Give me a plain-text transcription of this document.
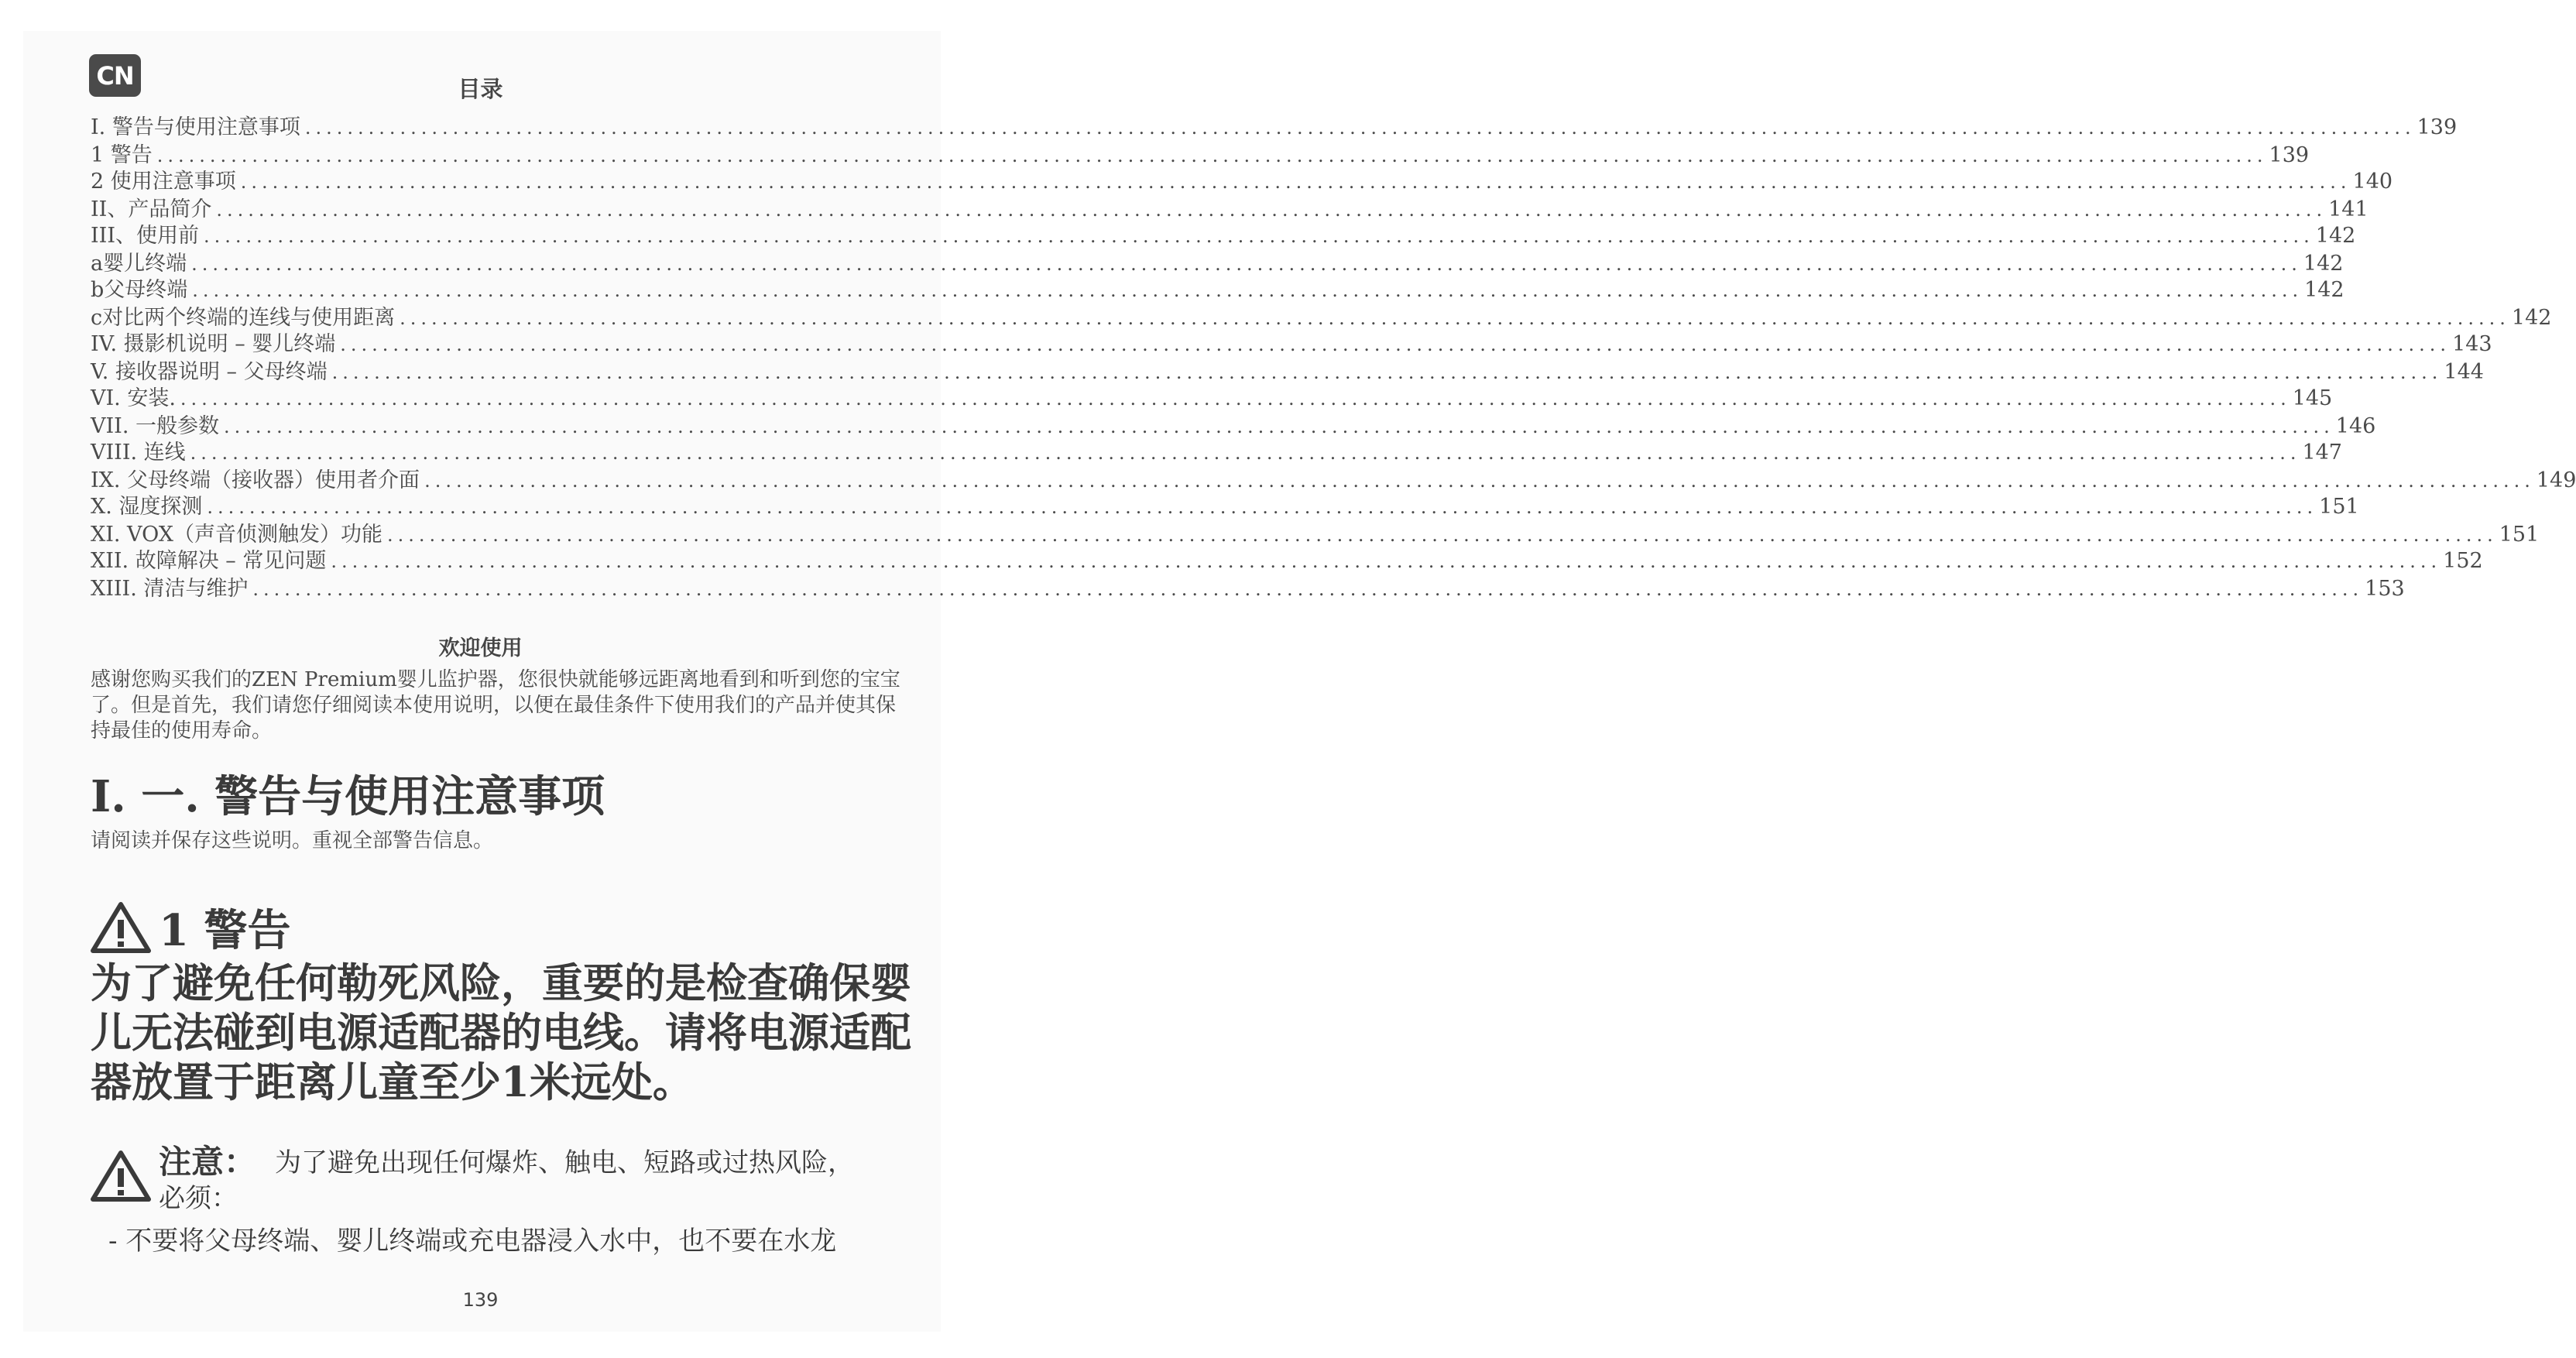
CN	目录
I. 警告与使用注意事项 ........................................................................................................................................................................................................ 139
1 警告 ........................................................................................................................................................................................................ 139
2 使用注意事项 ........................................................................................................................................................................................................ 140
II、产品简介 ........................................................................................................................................................................................................ 141
III、使用前 ........................................................................................................................................................................................................ 142
a婴儿终端 ........................................................................................................................................................................................................ 142
b父母终端 ........................................................................................................................................................................................................ 142
c对比两个终端的连线与使用距离 ........................................................................................................................................................................................................ 142
IV. 摄影机说明 – 婴儿终端 ........................................................................................................................................................................................................ 143
V. 接收器说明 – 父母终端 ........................................................................................................................................................................................................ 144
VI. 安装. ........................................................................................................................................................................................................ 145
VII. 一般参数 ........................................................................................................................................................................................................ 146
VIII. 连线 ........................................................................................................................................................................................................ 147
IX. 父母终端（接收器）使用者介面 ........................................................................................................................................................................................................ 149
X. 湿度探测 ........................................................................................................................................................................................................ 151
XI. VOX（声音侦测触发）功能 ........................................................................................................................................................................................................ 151
XII. 故障解决 – 常见问题 ........................................................................................................................................................................................................ 152
XIII. 清洁与维护 ........................................................................................................................................................................................................ 153
欢迎使用
感谢您购买我们的ZEN Premium婴儿监护器，您很快就能够远距离地看到和听到您的宝宝了。但是首先，我们请您仔细阅读本使用说明，以便在最佳条件下使用我们的产品并使其保持最佳的使用寿命。
I. 一. 警告与使用注意事项
请阅读并保存这些说明。重视全部警告信息。
1 警告
为了避免任何勒死风险，重要的是检查确保婴儿无法碰到电源适配器的电线。请将电源适配器放置于距离儿童至少1米远处。
注意： 为了避免出现任何爆炸、触电、短路或过热风险，
必须：
- 不要将父母终端、婴儿终端或充电器浸入水中，也不要在水龙
139
